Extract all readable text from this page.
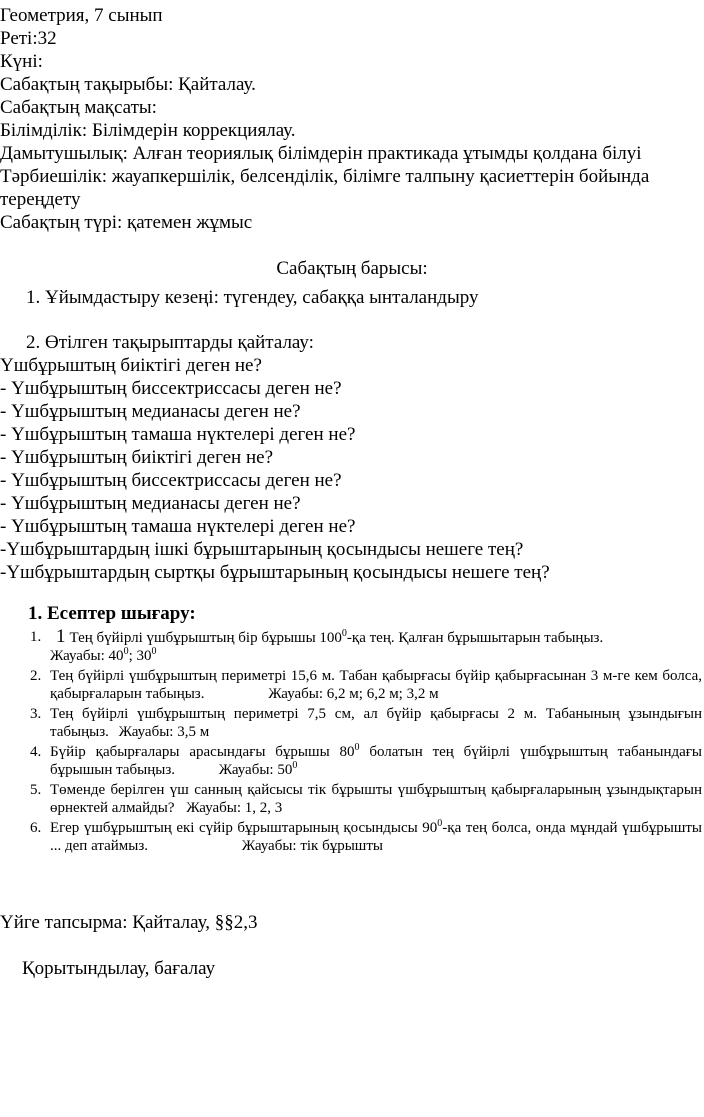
Геометрия, 7 сынып
Реті:32
Күні:
Сабақтың тақырыбы: Қайталау.
Сабақтың мақсаты:
Білімділік: Білімдерін коррекциялау.
Дамытушылық: Алған теориялық білімдерін практикада ұтымды қолдана білуі
Тәрбиешілік: жауапкершілік, белсенділік, білімге талпыну қасиеттерін бойында тереңдету
Сабақтың түрі: қатемен жұмыс
Сабақтың барысы:
1. Ұйымдастыру кезеңі: түгендеу, сабаққа ынталандыру
2. Өтілген тақырыптарды қайталау:
Үшбұрыштың биіктігі деген не?
- Үшбұрыштың биссектриссасы деген не?
- Үшбұрыштың медианасы деген не?
- Үшбұрыштың тамаша нүктелері деген не?
- Үшбұрыштың биіктігі деген не?
- Үшбұрыштың биссектриссасы деген не?
- Үшбұрыштың медианасы деген не?
- Үшбұрыштың тамаша нүктелері деген не?
-Үшбұрыштардың ішкі бұрыштарының қосындысы нешеге тең?
-Үшбұрыштардың сыртқы бұрыштарының қосындысы нешеге тең?
1. Есептер шығару:
1. 1 Тең бүйірлі үшбұрыштың бір бұрышы $100^0-қа$ тең. Қалған бұрышытарын табыңыз.
Жауабы: $40^0$; $30^0$
2. Тең бүйірлі үшбұрыштың периметрі 15,6 м. Табан қабырғасы бүйір қабырғасынан 3 м-ге кем болса, қабырғаларын табыңыз.	Жауабы: 6,2 м; 6,2 м; 3,2 м
3. Тең бүйірлі үшбұрыштың периметрі 7,5 см, ал бүйір қабырғасы 2 м. Табанының ұзындығын табыңыз. Жауабы: 3,5 м
4. Бүйір қабырғалары арасындағы бұрышы $80^0$ болатын тең бүйірлі үшбұрыштың табанындағы бұрышын табыңыз.	Жауабы: $50^0$
5. Төменде берілген үш санның қайсысы тік бұрышты үшбұрыштың қабырғаларының ұзындықтарын өрнектей алмайды? Жауабы: 1, 2, 3
6. Егер үшбұрыштың екі сүйір бұрыштарының қосындысы $90^0-қа$ тең болса, онда мұндай үшбұрышты ... деп атаймыз.	Жауабы: тік бұрышты
Үйге тапсырма: Қайталау, §§2,3
Қорытындылау, бағалау
